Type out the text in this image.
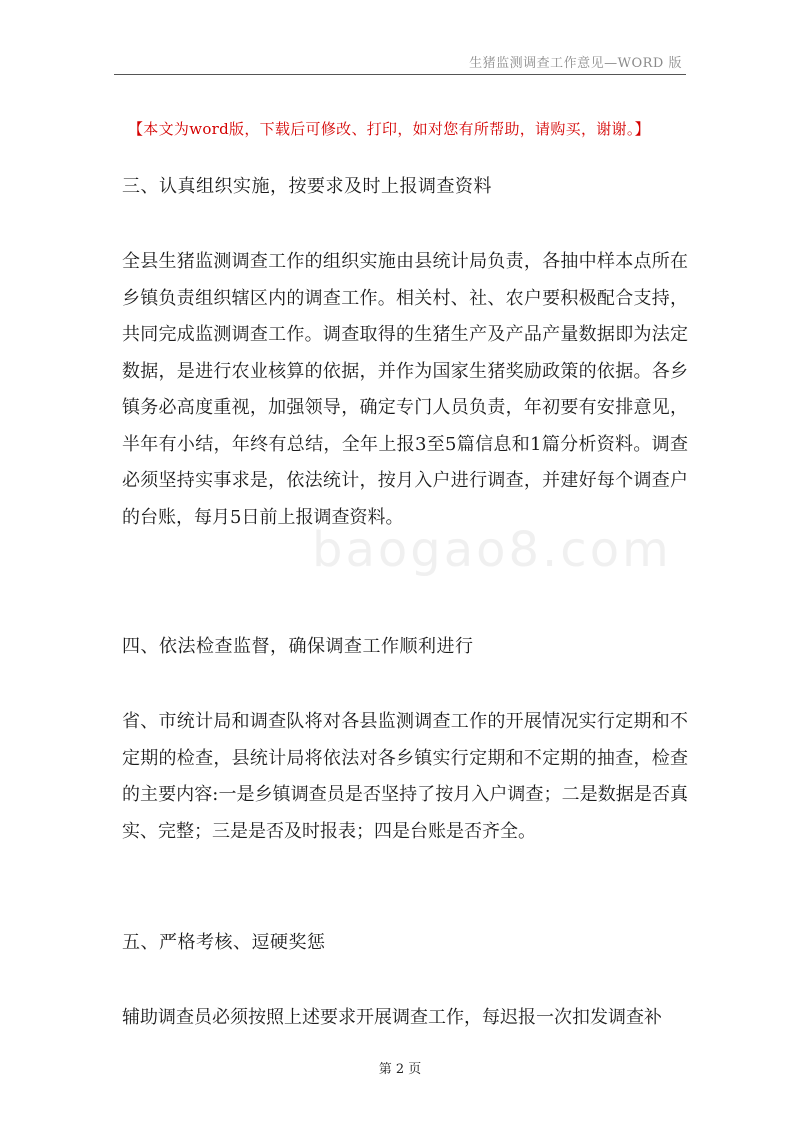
生猪监测调查工作意见—WORD 版
【本文为word版，下载后可修改、打印，如对您有所帮助，请购买，谢谢。】
三、认真组织实施，按要求及时上报调查资料
全县生猪监测调查工作的组织实施由县统计局负责，各抽中样本点所在乡镇负责组织辖区内的调查工作。相关村、社、农户要积极配合支持，共同完成监测调查工作。调查取得的生猪生产及产品产量数据即为法定数据，是进行农业核算的依据，并作为国家生猪奖励政策的依据。各乡镇务必高度重视，加强领导，确定专门人员负责，年初要有安排意见，半年有小结，年终有总结，全年上报3至5篇信息和1篇分析资料。调查必须坚持实事求是，依法统计，按月入户进行调查，并建好每个调查户的台账，每月5日前上报调查资料。
baogao8.com
四、依法检查监督，确保调查工作顺利进行
省、市统计局和调查队将对各县监测调查工作的开展情况实行定期和不定期的检查，县统计局将依法对各乡镇实行定期和不定期的抽查，检查的主要内容:一是乡镇调查员是否坚持了按月入户调查；二是数据是否真实、完整；三是是否及时报表；四是台账是否齐全。
五、严格考核、逗硬奖惩
辅助调查员必须按照上述要求开展调查工作，每迟报一次扣发调查补
第 2 页
